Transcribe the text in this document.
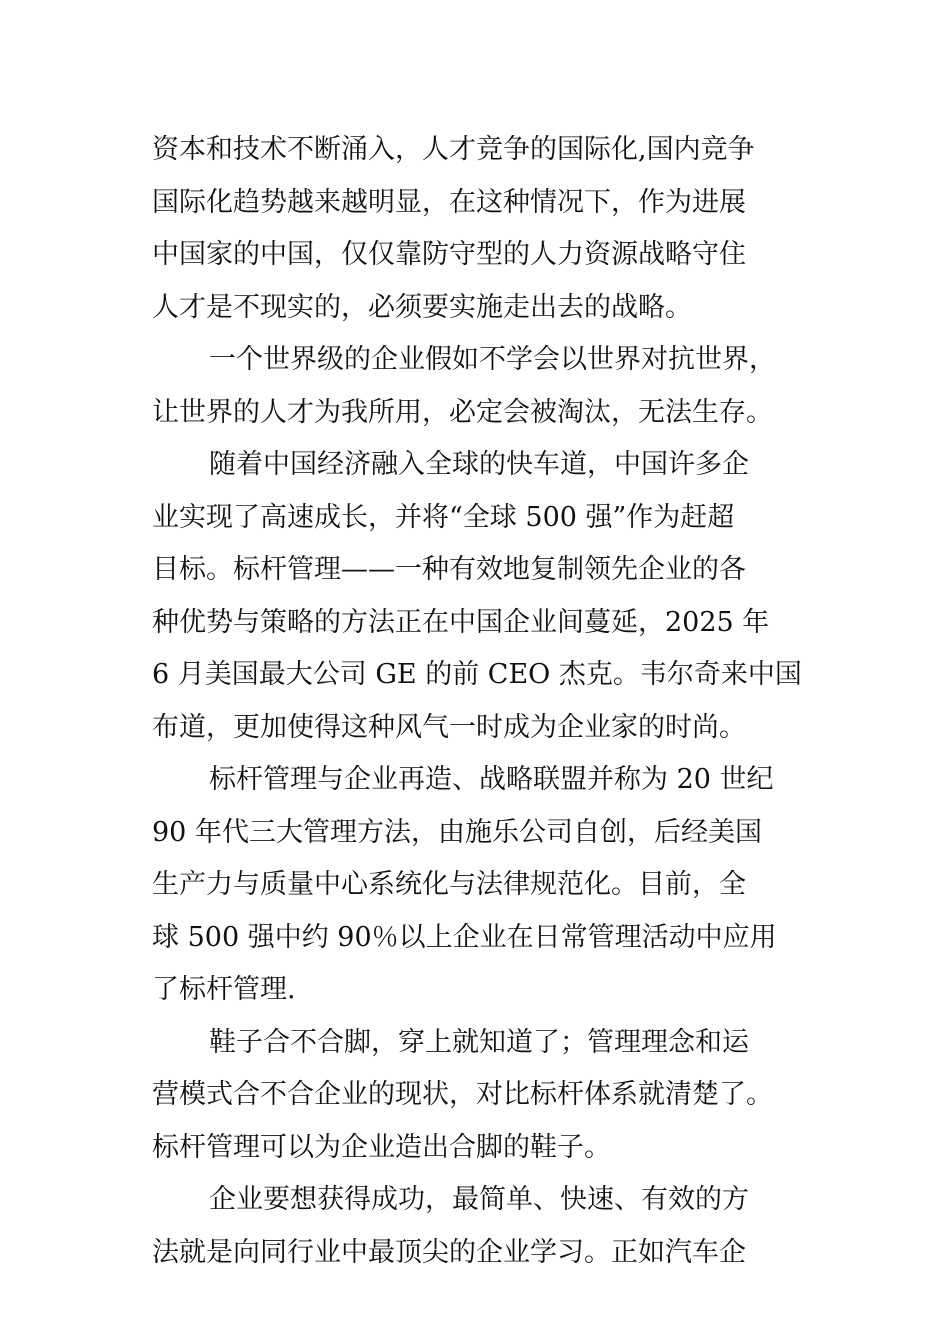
资本和技术不断涌入，人才竞争的国际化,国内竞争
国际化趋势越来越明显，在这种情况下，作为进展
中国家的中国，仅仅靠防守型的人力资源战略守住
人才是不现实的，必须要实施走出去的战略。
一个世界级的企业假如不学会以世界对抗世界，
让世界的人才为我所用，必定会被淘汰，无法生存。
随着中国经济融入全球的快车道，中国许多企
业实现了高速成长，并将“全球 500 强”作为赶超
目标。标杆管理——一种有效地复制领先企业的各
种优势与策略的方法正在中国企业间蔓延，2025 年
6 月美国最大公司 GE 的前 CEO 杰克。韦尔奇来中国
布道，更加使得这种风气一时成为企业家的时尚。
标杆管理与企业再造、战略联盟并称为 20 世纪
90 年代三大管理方法，由施乐公司自创，后经美国
生产力与质量中心系统化与法律规范化。目前，全
球 500 强中约 90％以上企业在日常管理活动中应用
了标杆管理.
鞋子合不合脚，穿上就知道了；管理理念和运
营模式合不合企业的现状，对比标杆体系就清楚了。
标杆管理可以为企业造出合脚的鞋子。
企业要想获得成功，最简单、快速、有效的方
法就是向同行业中最顶尖的企业学习。正如汽车企
